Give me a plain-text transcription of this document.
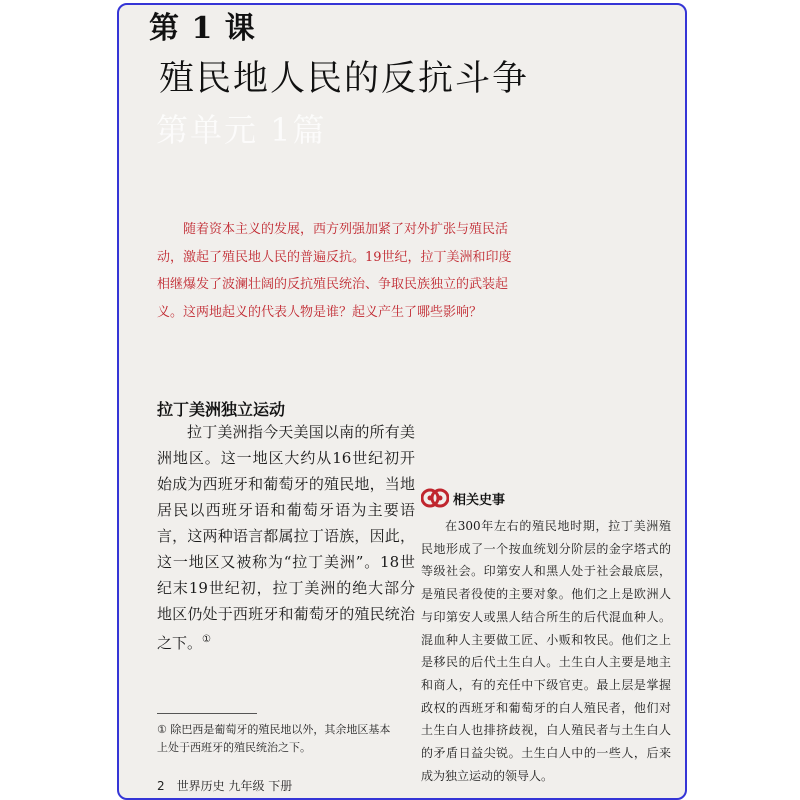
第 1 课
殖民地人民的反抗斗争
第单元 1篇
随着资本主义的发展，西方列强加紧了对外扩张与殖民活动，激起了殖民地人民的普遍反抗。19世纪，拉丁美洲和印度相继爆发了波澜壮阔的反抗殖民统治、争取民族独立的武装起义。这两地起义的代表人物是谁？起义产生了哪些影响？
拉丁美洲独立运动
拉丁美洲指今天美国以南的所有美洲地区。这一地区大约从16世纪初开始成为西班牙和葡萄牙的殖民地，当地居民以西班牙语和葡萄牙语为主要语言，这两种语言都属拉丁语族，因此，这一地区又被称为“拉丁美洲”。18世纪末19世纪初，拉丁美洲的绝大部分地区仍处于西班牙和葡萄牙的殖民统治之下。①
相关史事
在300年左右的殖民地时期，拉丁美洲殖民地形成了一个按血统划分阶层的金字塔式的等级社会。印第安人和黑人处于社会最底层，是殖民者役使的主要对象。他们之上是欧洲人与印第安人或黑人结合所生的后代混血种人。混血种人主要做工匠、小贩和牧民。他们之上是移民的后代土生白人。土生白人主要是地主和商人，有的充任中下级官吏。最上层是掌握政权的西班牙和葡萄牙的白人殖民者，他们对土生白人也排挤歧视，白人殖民者与土生白人的矛盾日益尖锐。土生白人中的一些人，后来成为独立运动的领导人。
① 除巴西是葡萄牙的殖民地以外，其余地区基本上处于西班牙的殖民统治之下。
2 世界历史 九年级 下册
